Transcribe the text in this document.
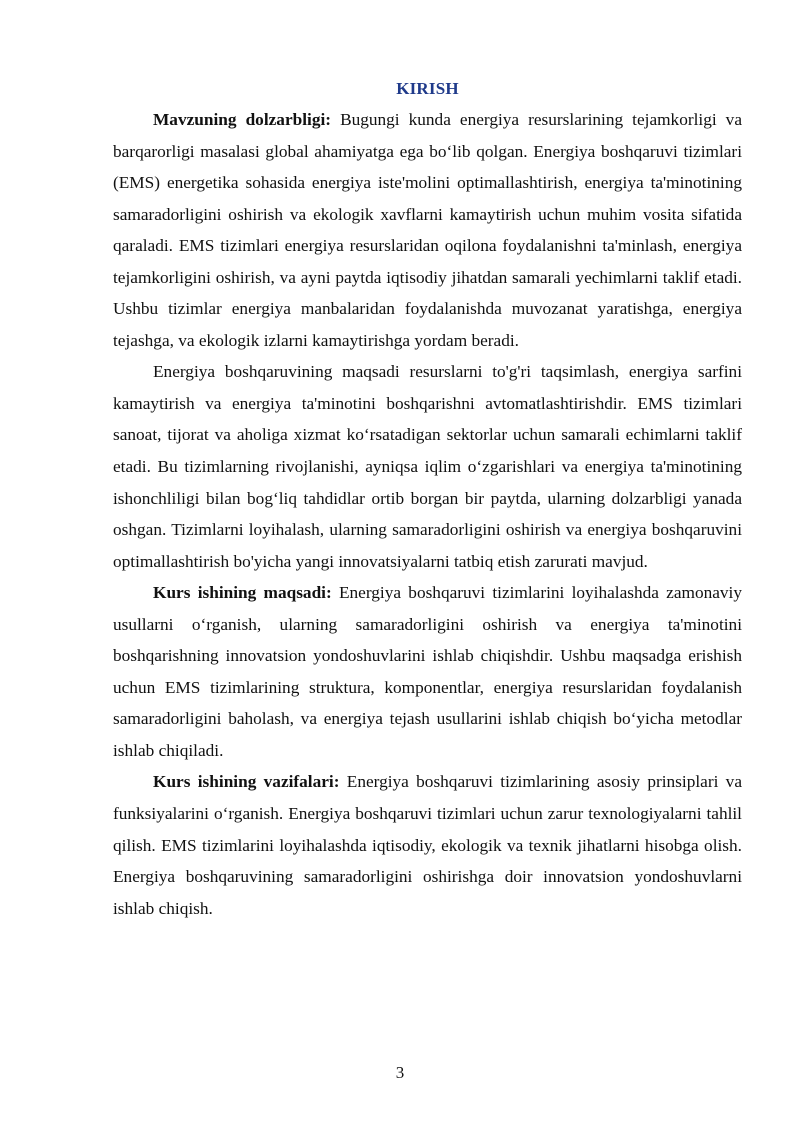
KIRISH

Mavzuning dolzarbligi: Bugungi kunda energiya resurslarining tejamkorligi va barqarorligi masalasi global ahamiyatga ega bo‘lib qolgan. Energiya boshqaruvi tizimlari (EMS) energetika sohasida energiya iste'molini optimallashtirish, energiya ta'minotining samaradorligini oshirish va ekologik xavflarni kamaytirish uchun muhim vosita sifatida qaraladi. EMS tizimlari energiya resurslaridan oqilona foydalanishni ta'minlash, energiya tejamkorligini oshirish, va ayni paytda iqtisodiy jihatdan samarali yechimlarni taklif etadi. Ushbu tizimlar energiya manbalaridan foydalanishda muvozanat yaratishga, energiya tejashga, va ekologik izlarni kamaytirishga yordam beradi.

Energiya boshqaruvining maqsadi resurslarni to'g'ri taqsimlash, energiya sarfini kamaytirish va energiya ta'minotini boshqarishni avtomatlashtirishdir. EMS tizimlari sanoat, tijorat va aholiga xizmat ko‘rsatadigan sektorlar uchun samarali echimlarni taklif etadi. Bu tizimlarning rivojlanishi, ayniqsa iqlim o‘zgarishlari va energiya ta'minotining ishonchliligi bilan bog‘liq tahdidlar ortib borgan bir paytda, ularning dolzarbligi yanada oshgan. Tizimlarni loyihalash, ularning samaradorligini oshirish va energiya boshqaruvini optimallashtirish bo'yicha yangi innovatsiyalarni tatbiq etish zarurati mavjud.

Kurs ishining maqsadi: Energiya boshqaruvi tizimlarini loyihalashda zamonaviy usullarni o‘rganish, ularning samaradorligini oshirish va energiya ta'minotini boshqarishning innovatsion yondoshuvlarini ishlab chiqishdir. Ushbu maqsadga erishish uchun EMS tizimlarining struktura, komponentlar, energiya resurslaridan foydalanish samaradorligini baholash, va energiya tejash usullarini ishlab chiqish bo‘yicha metodlar ishlab chiqiladi.

Kurs ishining vazifalari: Energiya boshqaruvi tizimlarining asosiy prinsiplari va funksiyalarini o‘rganish. Energiya boshqaruvi tizimlari uchun zarur texnologiyalarni tahlil qilish. EMS tizimlarini loyihalashda iqtisodiy, ekologik va texnik jihatlarni hisobga olish. Energiya boshqaruvining samaradorligini oshirishga doir innovatsion yondoshuvlarni ishlab chiqish.

3
